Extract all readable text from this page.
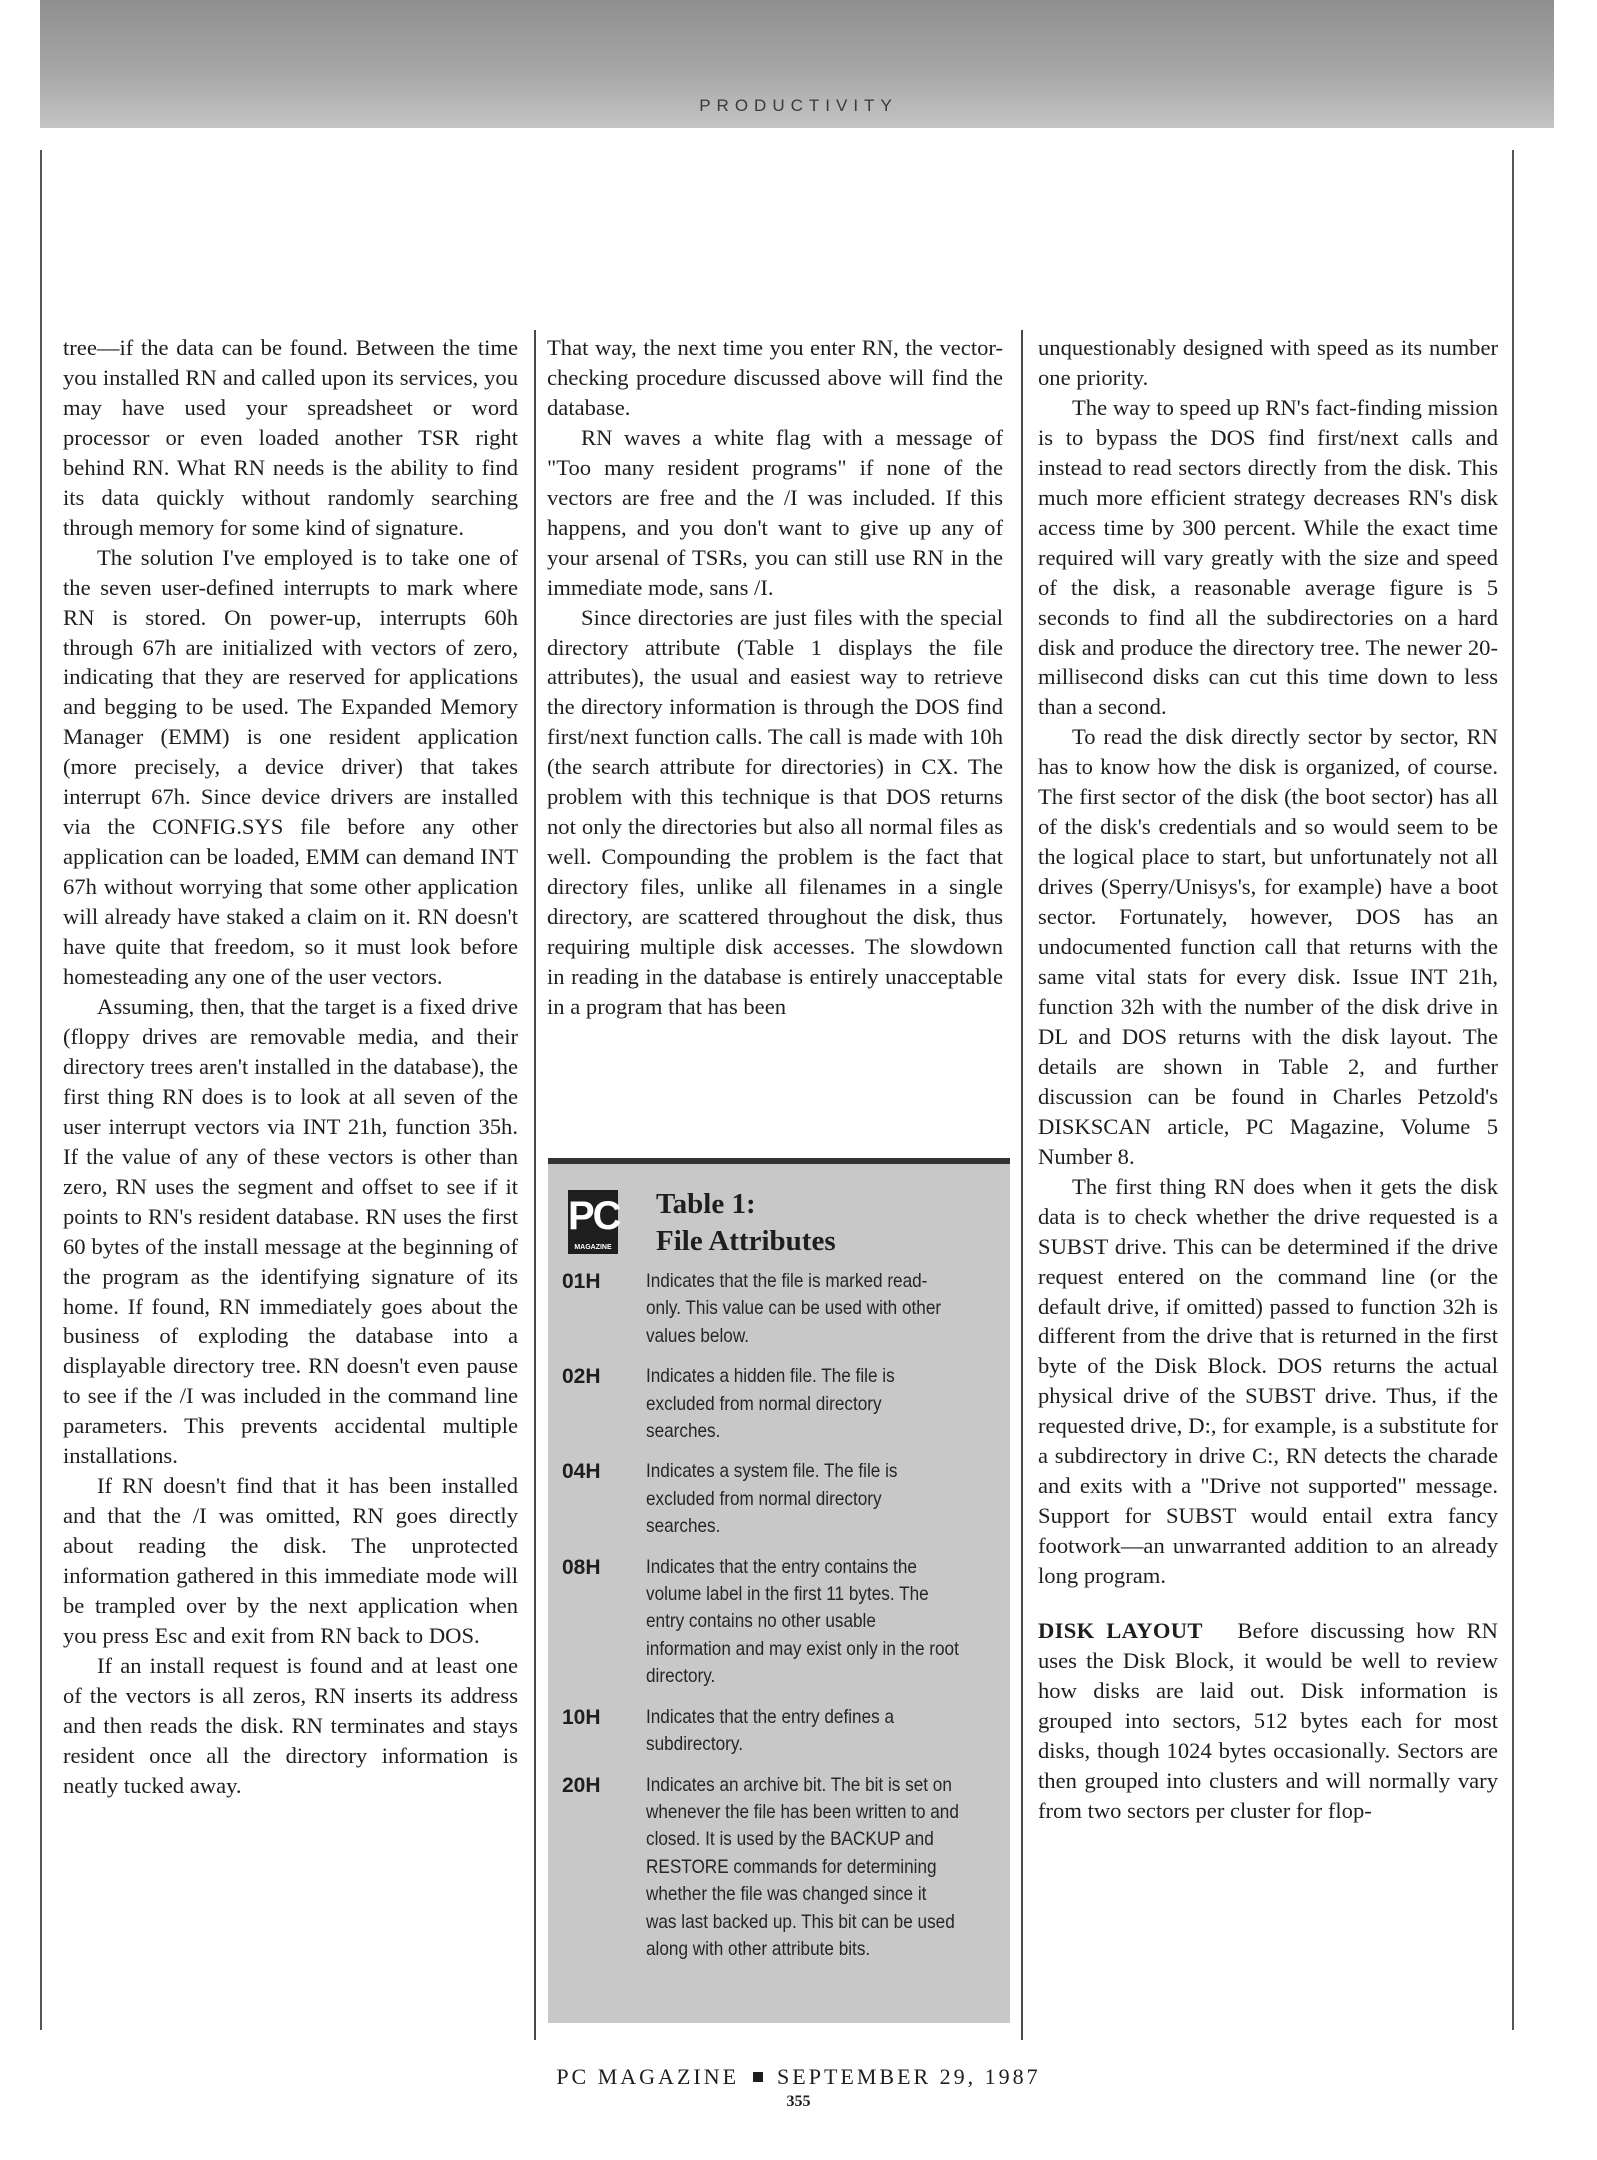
PRODUCTIVITY

tree—if the data can be found. Between the time you installed RN and called upon its services, you may have used your spreadsheet or word processor or even loaded another TSR right behind RN. What RN needs is the ability to find its data quickly without randomly searching through memory for some kind of signature.

The solution I've employed is to take one of the seven user-defined interrupts to mark where RN is stored. On power-up, interrupts 60h through 67h are initialized with vectors of zero, indicating that they are reserved for applications and begging to be used. The Expanded Memory Manager (EMM) is one resident application (more precisely, a device driver) that takes interrupt 67h. Since device drivers are installed via the CONFIG.SYS file before any other application can be loaded, EMM can demand INT 67h without worrying that some other application will already have staked a claim on it. RN doesn't have quite that freedom, so it must look before homesteading any one of the user vectors.

Assuming, then, that the target is a fixed drive (floppy drives are removable media, and their directory trees aren't installed in the database), the first thing RN does is to look at all seven of the user interrupt vectors via INT 21h, function 35h. If the value of any of these vectors is other than zero, RN uses the segment and offset to see if it points to RN's resident database. RN uses the first 60 bytes of the install message at the beginning of the program as the identifying signature of its home. If found, RN immediately goes about the business of exploding the database into a displayable directory tree. RN doesn't even pause to see if the /I was included in the command line parameters. This prevents accidental multiple installations.

If RN doesn't find that it has been installed and that the /I was omitted, RN goes directly about reading the disk. The unprotected information gathered in this immediate mode will be trampled over by the next application when you press Esc and exit from RN back to DOS.

If an install request is found and at least one of the vectors is all zeros, RN inserts its address and then reads the disk. RN terminates and stays resident once all the directory information is neatly tucked away.

That way, the next time you enter RN, the vector-checking procedure discussed above will find the database.

RN waves a white flag with a message of "Too many resident programs" if none of the vectors are free and the /I was included. If this happens, and you don't want to give up any of your arsenal of TSRs, you can still use RN in the immediate mode, sans /I.

Since directories are just files with the special directory attribute (Table 1 displays the file attributes), the usual and easiest way to retrieve the directory information is through the DOS find first/next function calls. The call is made with 10h (the search attribute for directories) in CX. The problem with this technique is that DOS returns not only the directories but also all normal files as well. Compounding the problem is the fact that directory files, unlike all filenames in a single directory, are scattered throughout the disk, thus requiring multiple disk accesses. The slowdown in reading in the database is entirely unacceptable in a program that has been

PC
MAGAZINE
Table 1:
File Attributes
01H	Indicates that the file is marked read-only. This value can be used with other values below.
02H	Indicates a hidden file. The file is excluded from normal directory searches.
04H	Indicates a system file. The file is excluded from normal directory searches.
08H	Indicates that the entry contains the volume label in the first 11 bytes. The entry contains no other usable information and may exist only in the root directory.
10H	Indicates that the entry defines a subdirectory.
20H	Indicates an archive bit. The bit is set on whenever the file has been written to and closed. It is used by the BACKUP and RESTORE commands for determining whether the file was changed since it was last backed up. This bit can be used along with other attribute bits.

unquestionably designed with speed as its number one priority.

The way to speed up RN's fact-finding mission is to bypass the DOS find first/next calls and instead to read sectors directly from the disk. This much more efficient strategy decreases RN's disk access time by 300 percent. While the exact time required will vary greatly with the size and speed of the disk, a reasonable average figure is 5 seconds to find all the subdirectories on a hard disk and produce the directory tree. The newer 20-millisecond disks can cut this time down to less than a second.

To read the disk directly sector by sector, RN has to know how the disk is organized, of course. The first sector of the disk (the boot sector) has all of the disk's credentials and so would seem to be the logical place to start, but unfortunately not all drives (Sperry/Unisys's, for example) have a boot sector. Fortunately, however, DOS has an undocumented function call that returns with the same vital stats for every disk. Issue INT 21h, function 32h with the number of the disk drive in DL and DOS returns with the disk layout. The details are shown in Table 2, and further discussion can be found in Charles Petzold's DISKSCAN article, PC Magazine, Volume 5 Number 8.

The first thing RN does when it gets the disk data is to check whether the drive requested is a SUBST drive. This can be determined if the drive request entered on the command line (or the default drive, if omitted) passed to function 32h is different from the drive that is returned in the first byte of the Disk Block. DOS returns the actual physical drive of the SUBST drive. Thus, if the requested drive, D:, for example, is a substitute for a subdirectory in drive C:, RN detects the charade and exits with a "Drive not supported" message. Support for SUBST would entail extra fancy footwork—an unwarranted addition to an already long program.

DISK LAYOUT Before discussing how RN uses the Disk Block, it would be well to review how disks are laid out. Disk information is grouped into sectors, 512 bytes each for most disks, though 1024 bytes occasionally. Sectors are then grouped into clusters and will normally vary from two sectors per cluster for flop-

PC MAGAZINE SEPTEMBER 29, 1987
355
